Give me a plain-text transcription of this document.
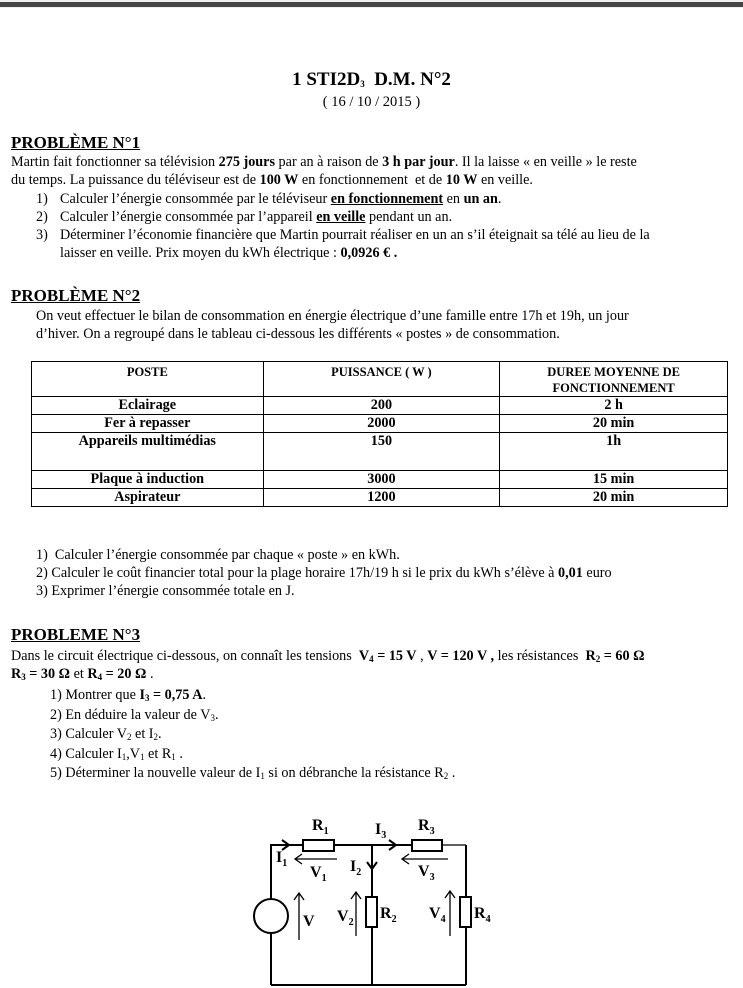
1 $STI2D_3$  D.M. N°2
( 16 / 10 / 2015 )
PROBLÈME N°1
Martin fait fonctionner sa télévision 275 jours par an à raison de 3 h par jour. Il la laisse « en veille » le reste
du temps. La puissance du téléviseur est de 100 W en fonctionnement  et de 10 W en veille.
1) Calculer l’énergie consommée par le téléviseur en fonctionnement en un an.
2) Calculer l’énergie consommée par l’appareil en veille pendant un an.
3) Déterminer l’économie financière que Martin pourrait réaliser en un an s’il éteignait sa télé au lieu de la
laisser en veille. Prix moyen du kWh électrique : 0,0926 € .
PROBLÈME N°2
On veut effectuer le bilan de consommation en énergie électrique d’une famille entre 17h et 19h, un jour
d’hiver. On a regroupé dans le tableau ci-dessous les différents « postes » de consommation.
POSTE	PUISSANCE ( W )	DUREE MOYENNE DE
FONCTIONNEMENT
Eclairage	200	2 h
Fer à repasser	2000	20 min
Appareils multimédias	150	1h
Plaque à induction	3000	15 min
Aspirateur	1200	20 min
1)  Calculer l’énergie consommée par chaque « poste » en kWh.
2) Calculer le coût financier total pour la plage horaire 17h/19 h si le prix du kWh s’élève à 0,01 euro
3) Exprimer l’énergie consommée totale en J.
PROBLEME N°3
Dans le circuit électrique ci-dessous, on connaît les tensions  $V_4 = 15$ V , V = 120 V , les résistances  $R_2 = 60$ Ω
$R_3 = 30$ Ω et $R_4 = 20$ Ω .
1) Montrer que $I_3 = 0,75$ A.
2) En déduire la valeur de $V_3$.
3) Calculer $V_2$ et $I_2$.
4) Calculer $I_1,V_1$ et $R_1$ .
5) Déterminer la nouvelle valeur de $I_1$ si on débranche la résistance $R_2$ .
$R_1$	$R_3$
$I_3$
$I_1$
$V_1$
$I_2$	$V_3$
V $V_2$
$R_2$ $V_4$ $R_4$
